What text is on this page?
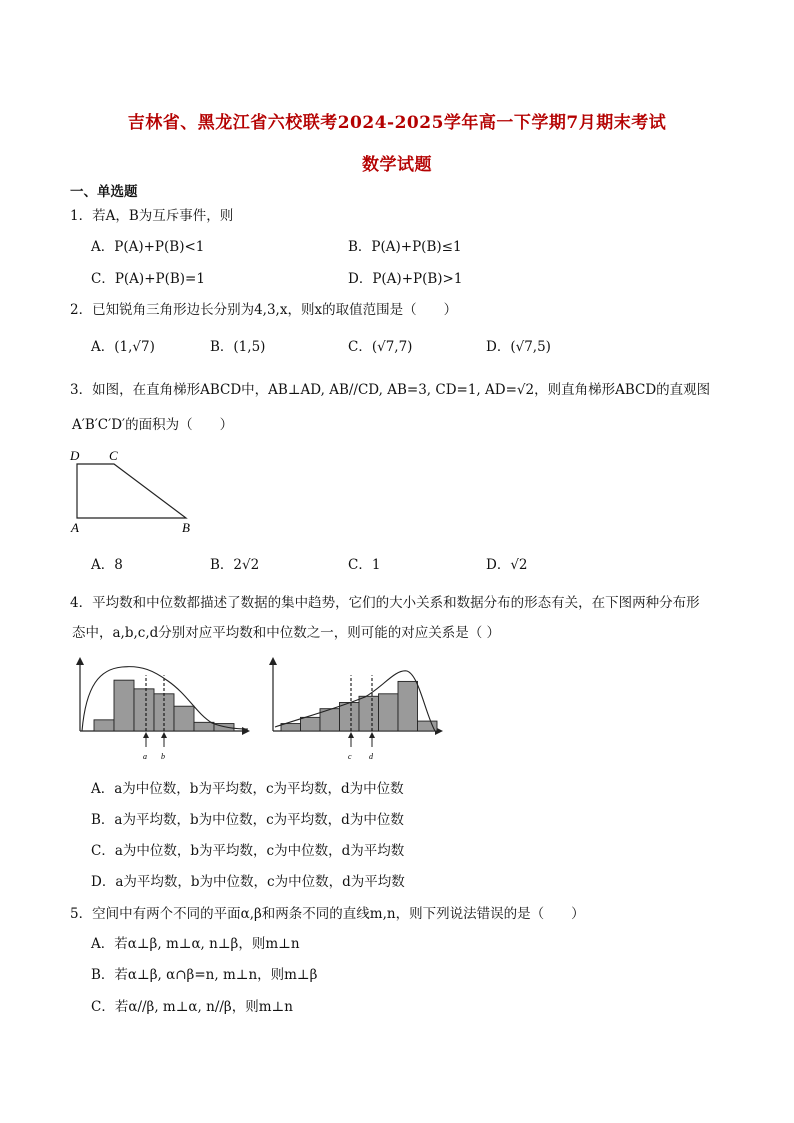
吉林省、黑龙江省六校联考2024-2025学年高一下学期7月期末考试
数学试题
一、单选题
1．若A，B为互斥事件，则
A．P(A)+P(B)<1	B．P(A)+P(B)≤1
C．P(A)+P(B)=1	D．P(A)+P(B)>1
2．已知锐角三角形边长分别为4,3,x，则x的取值范围是（　　）
A．(1,√7)	B．(1,5)	C．(√7,7)	D．(√7,5)
3．如图，在直角梯形ABCD中，AB⊥AD, AB//CD, AB=3, CD=1, AD=√2，则直角梯形ABCD的直观图
A′B′C′D′的面积为（　　）
D C
A	B
A．8	B．2√2	C．1	D．√2
4．平均数和中位数都描述了数据的集中趋势，它们的大小关系和数据分布的形态有关，在下图两种分布形
态中，a,b,c,d分别对应平均数和中位数之一，则可能的对应关系是（ ）
a b	c d
A．a为中位数，b为平均数，c为平均数，d为中位数
B．a为平均数，b为中位数，c为平均数，d为中位数
C．a为中位数，b为平均数，c为中位数，d为平均数
D．a为平均数，b为中位数，c为中位数，d为平均数
5．空间中有两个不同的平面α,β和两条不同的直线m,n，则下列说法错误的是（　　）
A．若α⊥β, m⊥α, n⊥β，则m⊥n
B．若α⊥β, α∩β=n, m⊥n，则m⊥β
C．若α//β, m⊥α, n//β，则m⊥n
